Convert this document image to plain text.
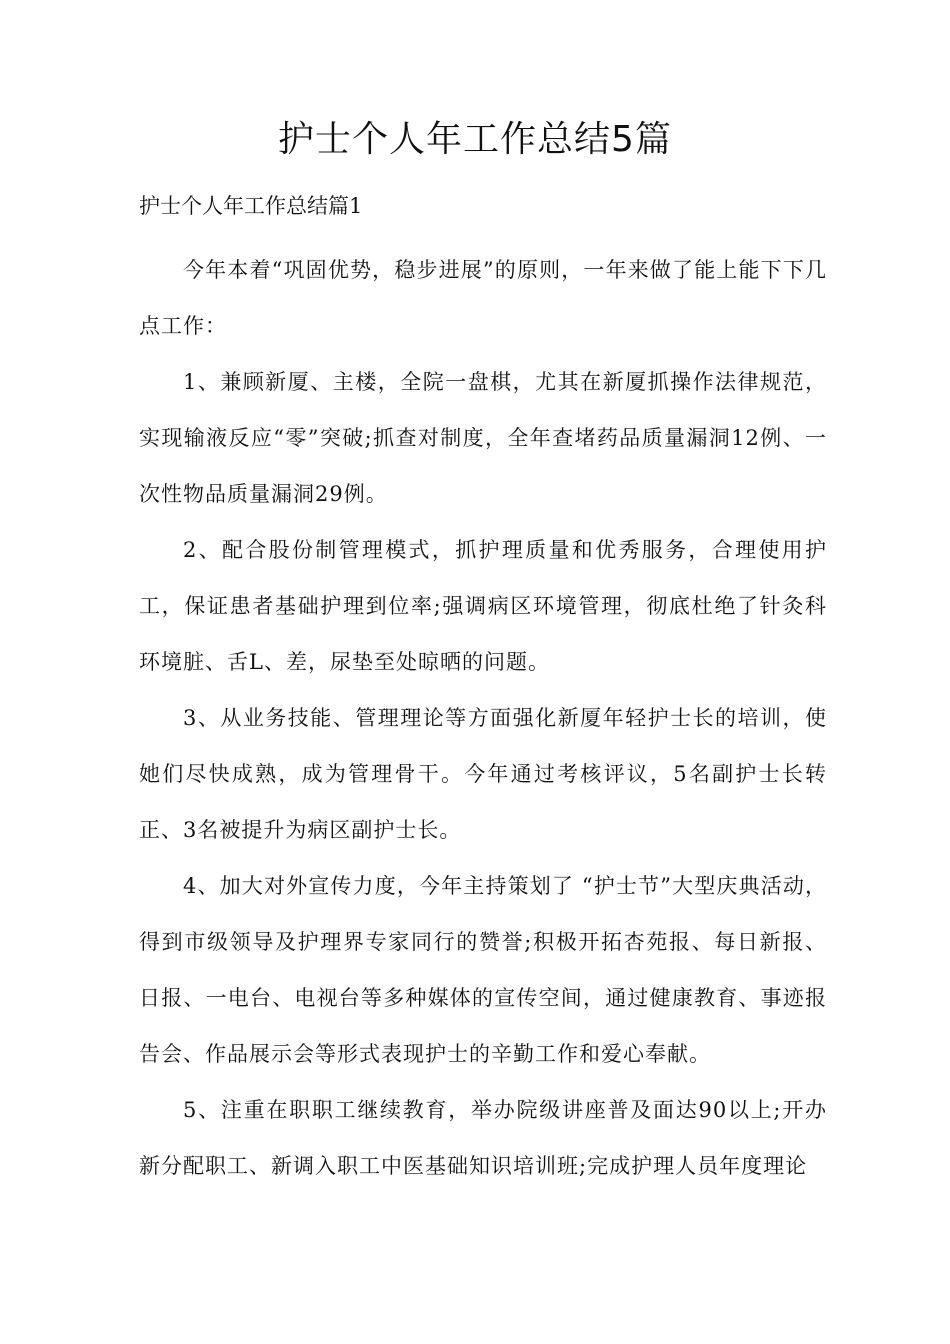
护士个人年工作总结5篇

护士个人年工作总结篇1

今年本着“巩固优势，稳步进展”的原则，一年来做了能上能下下几点工作：

1、兼顾新厦、主楼，全院一盘棋，尤其在新厦抓操作法律规范，实现输液反应“零”突破;抓查对制度，全年查堵药品质量漏洞12例、一次性物品质量漏洞29例。

2、配合股份制管理模式，抓护理质量和优秀服务，合理使用护工，保证患者基础护理到位率;强调病区环境管理，彻底杜绝了针灸科环境脏、舌L、差，尿垫至处晾晒的问题。

3、从业务技能、管理理论等方面强化新厦年轻护士长的培训，使她们尽快成熟，成为管理骨干。今年通过考核评议，5名副护士长转正、3名被提升为病区副护士长。

4、加大对外宣传力度，今年主持策划了 “护士节”大型庆典活动，得到市级领导及护理界专家同行的赞誉;积极开拓杏苑报、每日新报、日报、一电台、电视台等多种媒体的宣传空间，通过健康教育、事迹报告会、作品展示会等形式表现护士的辛勤工作和爱心奉献。

5、注重在职职工继续教育，举办院级讲座普及面达90以上;开办新分配职工、新调入职工中医基础知识培训班;完成护理人员年度理论
